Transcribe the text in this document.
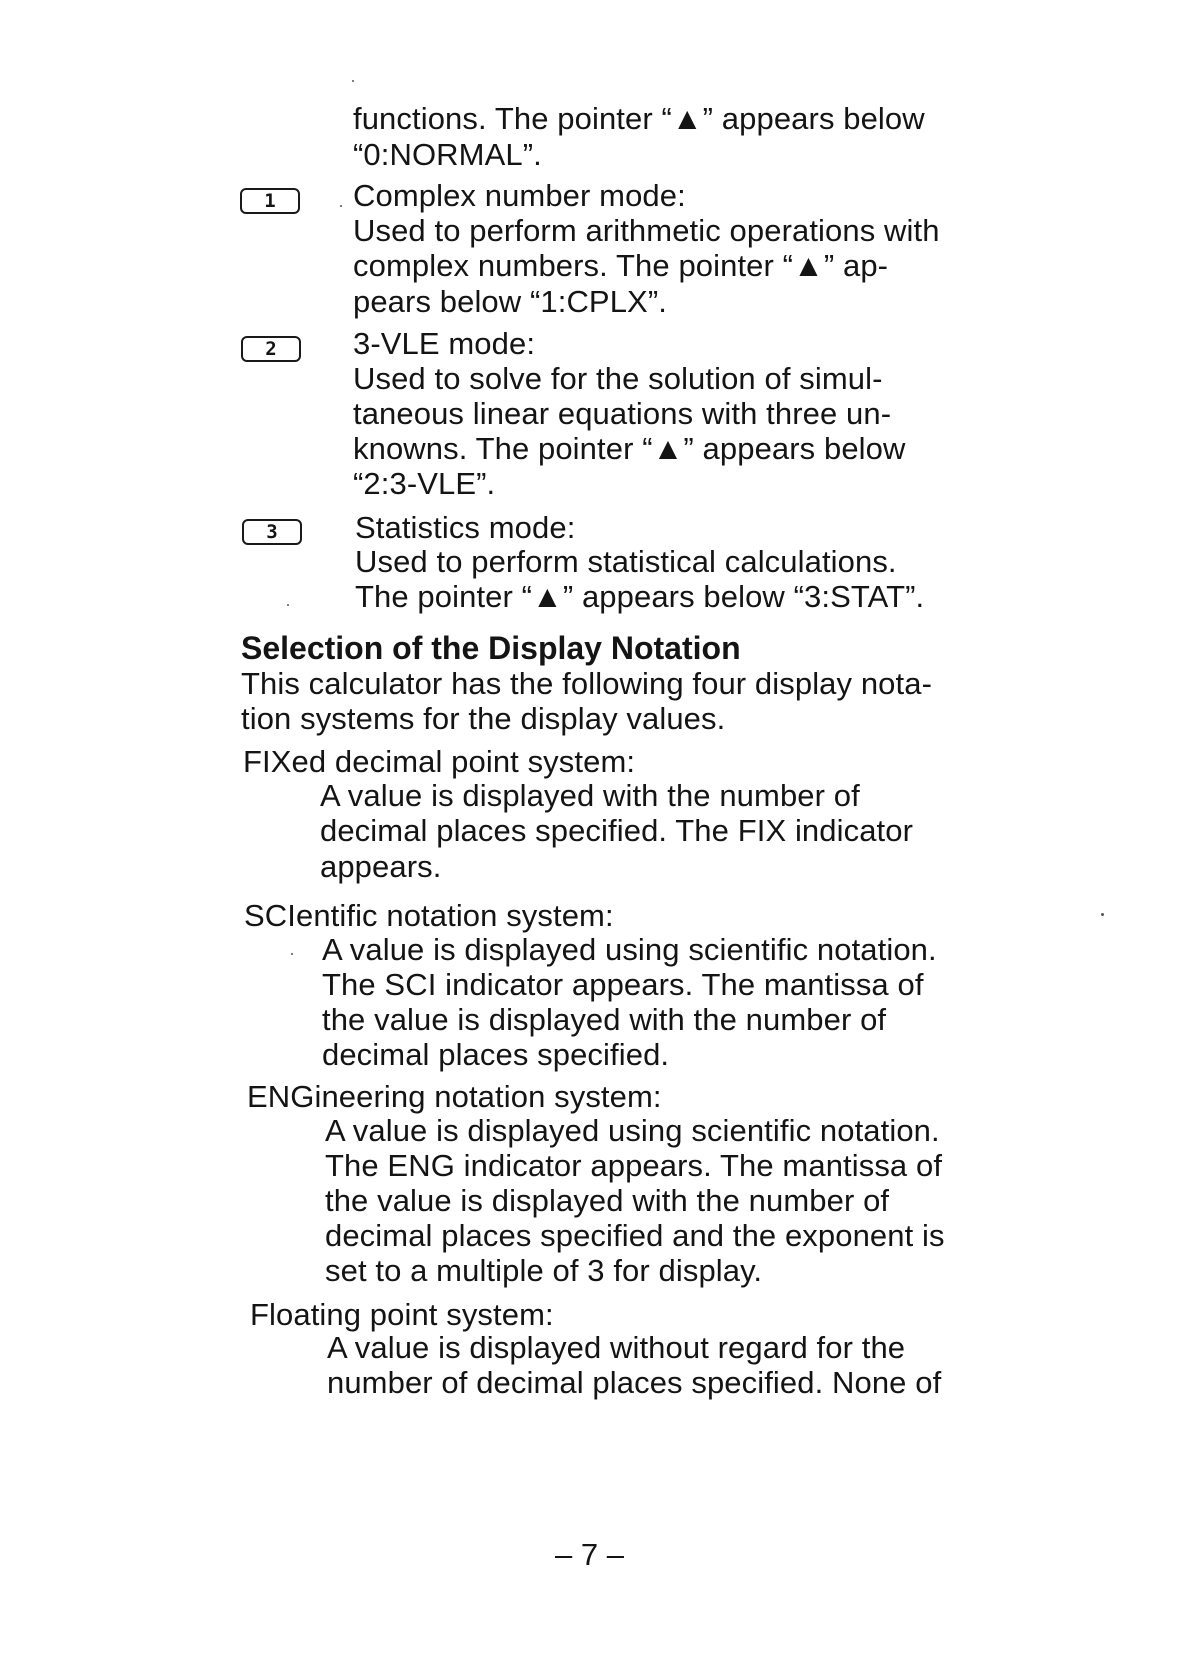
functions. The pointer “▲” appears below
“0:NORMAL”.
1	Complex number mode:
Used to perform arithmetic operations with
complex numbers. The pointer “▲” ap-
pears below “1:CPLX”.
2	3-VLE mode:
Used to solve for the solution of simul-
taneous linear equations with three un-
knowns. The pointer “▲” appears below
“2:3-VLE”.
3	Statistics mode:
Used to perform statistical calculations.
The pointer “▲” appears below “3:STAT”.
Selection of the Display Notation
This calculator has the following four display nota-
tion systems for the display values.
FIXed decimal point system:
A value is displayed with the number of
decimal places specified. The FIX indicator
appears.
SCIentific notation system:
A value is displayed using scientific notation.
The SCI indicator appears. The mantissa of
the value is displayed with the number of
decimal places specified.
ENGineering notation system:
A value is displayed using scientific notation.
The ENG indicator appears. The mantissa of
the value is displayed with the number of
decimal places specified and the exponent is
set to a multiple of 3 for display.
Floating point system:
A value is displayed without regard for the
number of decimal places specified. None of
– 7 –
